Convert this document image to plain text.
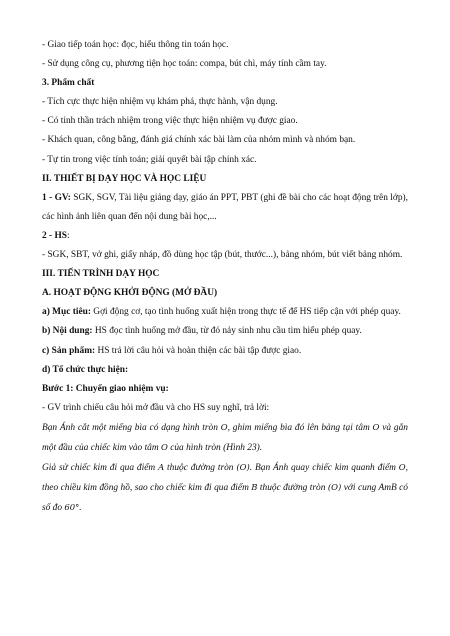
- Giao tiếp toán học: đọc, hiểu thông tin toán học.

- Sử dụng công cụ, phương tiện học toán: compa, bút chì, máy tính cầm tay.

3. Phẩm chất

- Tích cực thực hiện nhiệm vụ khám phá, thực hành, vận dụng.

- Có tinh thần trách nhiệm trong việc thực hiện nhiệm vụ được giao.

- Khách quan, công bằng, đánh giá chính xác bài làm của nhóm mình và nhóm bạn.

- Tự tin trong việc tính toán; giải quyết bài tập chính xác.

II. THIẾT BỊ DẠY HỌC VÀ HỌC LIỆU

1 - GV: SGK, SGV, Tài liệu giảng dạy, giáo án PPT, PBT (ghi đề bài cho các hoạt động trên lớp), các hình ảnh liên quan đến nội dung bài học,...

2 - HS:

- SGK, SBT, vở ghi, giấy nháp, đồ dùng học tập (bút, thước...), bảng nhóm, bút viết bảng nhóm.

III. TIẾN TRÌNH DẠY HỌC

A. HOẠT ĐỘNG KHỞI ĐỘNG (MỞ ĐẦU)

a) Mục tiêu: Gợi động cơ, tạo tình huống xuất hiện trong thực tế để HS tiếp cận với phép quay.

b) Nội dung: HS đọc tình huống mở đầu, từ đó nảy sinh nhu cầu tìm hiểu phép quay.

c) Sản phẩm: HS trả lời câu hỏi và hoàn thiện các bài tập được giao.

d) Tổ chức thực hiện:

Bước 1: Chuyển giao nhiệm vụ:

- GV trình chiếu câu hỏi mở đầu và cho HS suy nghĩ, trả lời:

Bạn Ánh cắt một miếng bìa có dạng hình tròn O, ghim miếng bìa đó lên bảng tại tâm O và gắn một đầu của chiếc kim vào tâm O của hình tròn (Hình 23).

Giả sử chiếc kim đi qua điểm A thuộc đường tròn (O). Bạn Ánh quay chiếc kim quanh điểm O, theo chiều kim đồng hồ, sao cho chiếc kim đi qua điểm B thuộc đường tròn (O) với cung AmB có số đo 60°.
